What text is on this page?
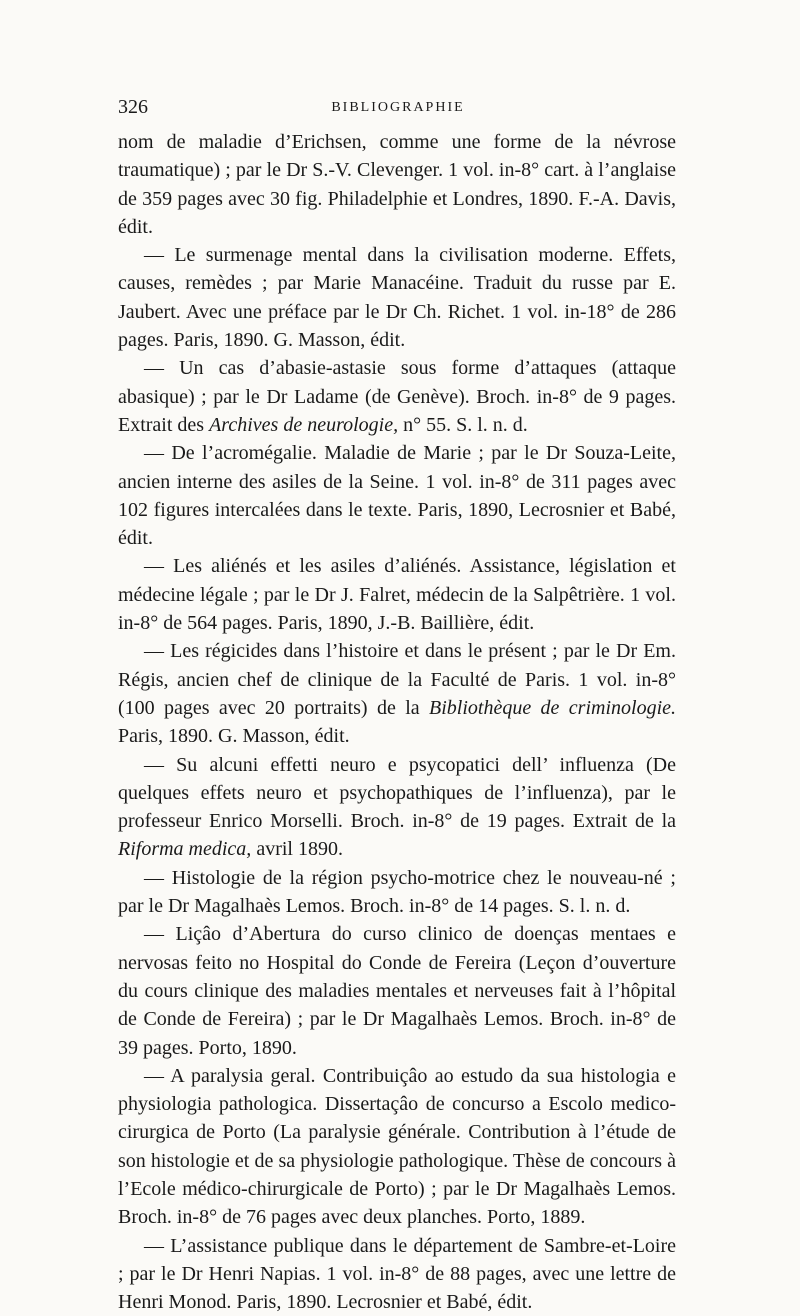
326	BIBLIOGRAPHIE

nom de maladie d’Erichsen, comme une forme de la névrose traumatique) ; par le Dr S.-V. Clevenger. 1 vol. in-8° cart. à l’anglaise de 359 pages avec 30 fig. Philadelphie et Londres, 1890. F.-A. Davis, édit.

— Le surmenage mental dans la civilisation moderne. Effets, causes, remèdes ; par Marie Manacéine. Traduit du russe par E. Jaubert. Avec une préface par le Dr Ch. Richet. 1 vol. in-18° de 286 pages. Paris, 1890. G. Masson, édit.

— Un cas d’abasie-astasie sous forme d’attaques (attaque abasique) ; par le Dr Ladame (de Genève). Broch. in-8° de 9 pages. Extrait des Archives de neurologie, n° 55. S. l. n. d.

— De l’acromégalie. Maladie de Marie ; par le Dr Souza-Leite, ancien interne des asiles de la Seine. 1 vol. in-8° de 311 pages avec 102 figures intercalées dans le texte. Paris, 1890, Lecrosnier et Babé, édit.

— Les aliénés et les asiles d’aliénés. Assistance, législation et médecine légale ; par le Dr J. Falret, médecin de la Salpêtrière. 1 vol. in-8° de 564 pages. Paris, 1890, J.-B. Baillière, édit.

— Les régicides dans l’histoire et dans le présent ; par le Dr Em. Régis, ancien chef de clinique de la Faculté de Paris. 1 vol. in-8° (100 pages avec 20 portraits) de la Bibliothèque de criminologie. Paris, 1890. G. Masson, édit.

— Su alcuni effetti neuro e psycopatici dell’ influenza (De quelques effets neuro et psychopathiques de l’influenza), par le professeur Enrico Morselli. Broch. in-8° de 19 pages. Extrait de la Riforma medica, avril 1890.

— Histologie de la région psycho-motrice chez le nouveau-né ; par le Dr Magalhaès Lemos. Broch. in-8° de 14 pages. S. l. n. d.

— Liçâo d’Abertura do curso clinico de doenças mentaes e nervosas feito no Hospital do Conde de Fereira (Leçon d’ouverture du cours clinique des maladies mentales et nerveuses fait à l’hôpital de Conde de Fereira) ; par le Dr Magalhaès Lemos. Broch. in-8° de 39 pages. Porto, 1890.

— A paralysia geral. Contribuiçâo ao estudo da sua histologia e physiologia pathologica. Dissertaçâo de concurso a Escolo medico-cirurgica de Porto (La paralysie générale. Contribution à l’étude de son histologie et de sa physiologie pathologique. Thèse de concours à l’Ecole médico-chirurgicale de Porto) ; par le Dr Magalhaès Lemos. Broch. in-8° de 76 pages avec deux planches. Porto, 1889.

— L’assistance publique dans le département de Sambre-et-Loire ; par le Dr Henri Napias. 1 vol. in-8° de 88 pages, avec une lettre de Henri Monod. Paris, 1890. Lecrosnier et Babé, édit.
